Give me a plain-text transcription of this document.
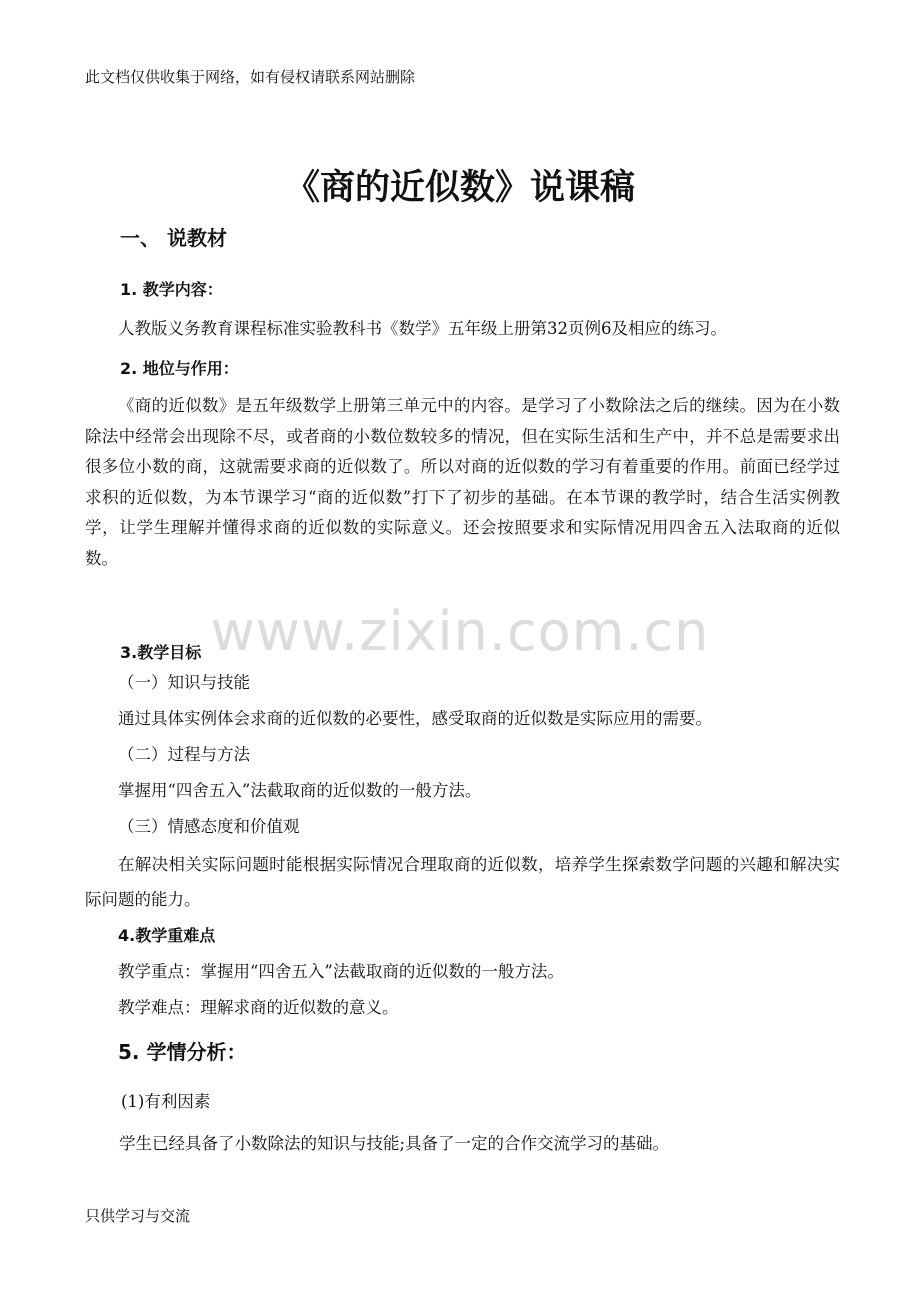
此文档仅供收集于网络，如有侵权请联系网站删除
《商的近似数》说课稿
一、 说教材
1. 教学内容：
人教版义务教育课程标准实验教科书《数学》五年级上册第32页例6及相应的练习。
2. 地位与作用：
《商的近似数》是五年级数学上册第三单元中的内容。是学习了小数除法之后的继续。因为在小数除法中经常会出现除不尽，或者商的小数位数较多的情况，但在实际生活和生产中，并不总是需要求出很多位小数的商，这就需要求商的近似数了。所以对商的近似数的学习有着重要的作用。前面已经学过求积的近似数，为本节课学习“商的近似数”打下了初步的基础。在本节课的教学时，结合生活实例教学，让学生理解并懂得求商的近似数的实际意义。还会按照要求和实际情况用四舍五入法取商的近似数。
www.zixin.com.cn
3.教学目标
（一）知识与技能
通过具体实例体会求商的近似数的必要性，感受取商的近似数是实际应用的需要。
（二）过程与方法
掌握用“四舍五入”法截取商的近似数的一般方法。
（三）情感态度和价值观
在解决相关实际问题时能根据实际情况合理取商的近似数，培养学生探索数学问题的兴趣和解决实际问题的能力。
4.教学重难点
教学重点：掌握用“四舍五入”法截取商的近似数的一般方法。
教学难点：理解求商的近似数的意义。
5. 学情分析：
(1)有利因素
学生已经具备了小数除法的知识与技能;具备了一定的合作交流学习的基础。
只供学习与交流
